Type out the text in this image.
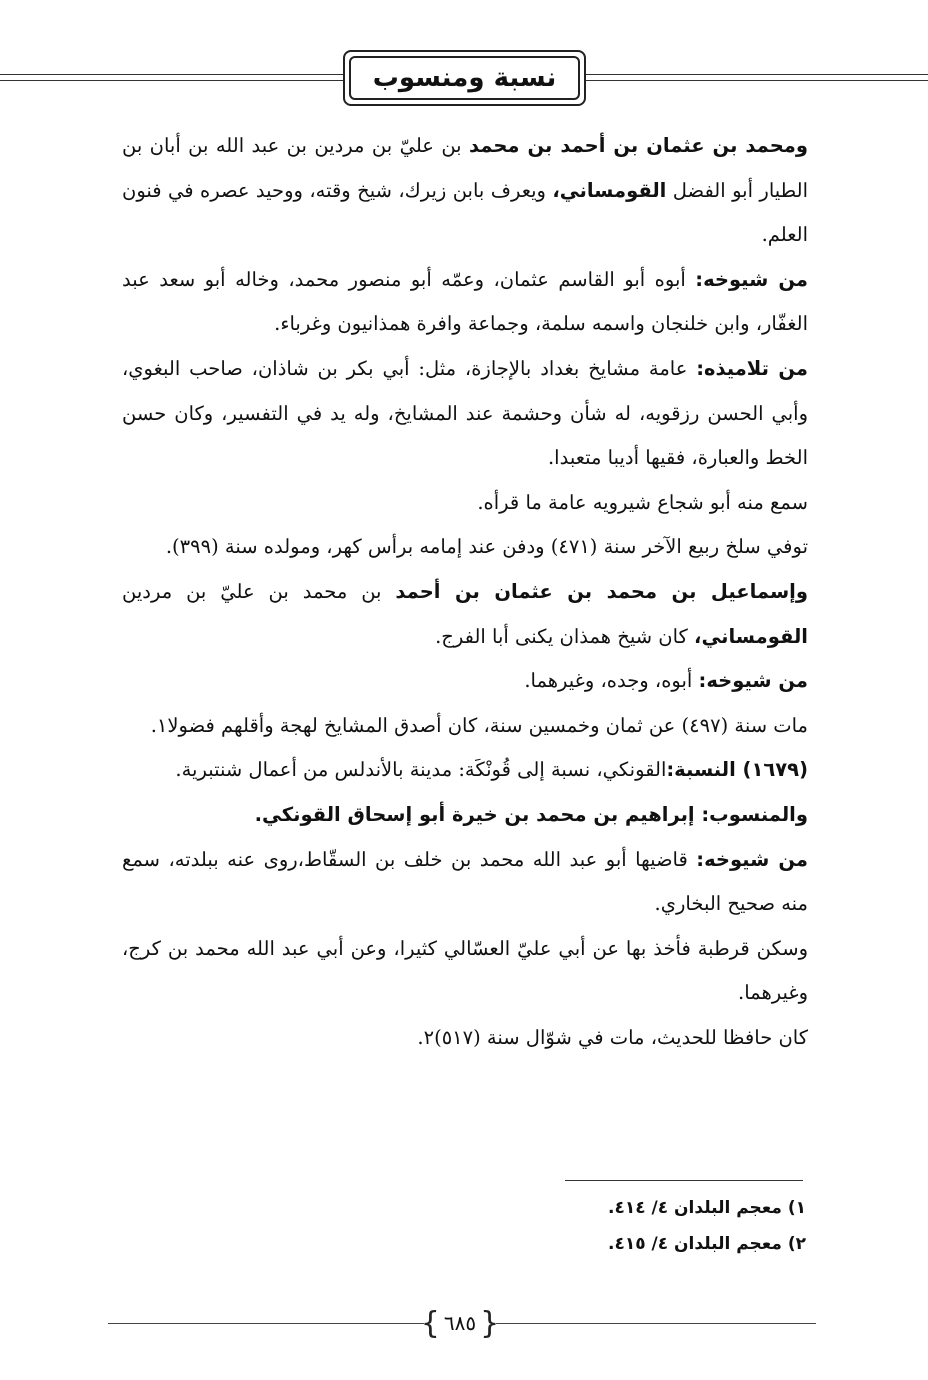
نسبة ومنسوب

ومحمد بن عثمان بن أحمد بن محمد بن عليّ بن مردين بن عبد الله بن أبان بن الطيار أبو الفضل القومساني، ويعرف بابن زيرك، شيخ وقته، ووحيد عصره في فنون العلم.

من شيوخه: أبوه أبو القاسم عثمان، وعمّه أبو منصور محمد، وخاله أبو سعد عبد الغفّار، وابن خلنجان واسمه سلمة، وجماعة وافرة همذانيون وغرباء.

من تلاميذه: عامة مشايخ بغداد بالإجازة، مثل: أبي بكر بن شاذان، صاحب البغوي، وأبي الحسن رزقويه، له شأن وحشمة عند المشايخ، وله يد في التفسير، وكان حسن الخط والعبارة، فقيها أديبا متعبدا.

سمع منه أبو شجاع شيرويه عامة ما قرأه.

توفي سلخ ربيع الآخر سنة (٤٧١) ودفن عند إمامه برأس كهر، ومولده سنة (٣٩٩).

وإسماعيل بن محمد بن عثمان بن أحمد بن محمد بن عليّ بن مردين القومساني، كان شيخ همذان يكنى أبا الفرج.

من شيوخه: أبوه، وجده، وغيرهما.

مات سنة (٤٩٧) عن ثمان وخمسين سنة، كان أصدق المشايخ لهجة وأقلهم فضولا١.

(١٦٧٩) النسبة:القونكي، نسبة إلى قُونْكَة: مدينة بالأندلس من أعمال شنتبرية.

والمنسوب: إبراهيم بن محمد بن خيرة أبو إسحاق القونكي.

من شيوخه: قاضيها أبو عبد الله محمد بن خلف بن السقّاط،روى عنه ببلدته، سمع منه صحيح البخاري.

وسكن قرطبة فأخذ بها عن أبي عليّ العسّالي كثيرا، وعن أبي عبد الله محمد بن كرج، وغيرهما.

كان حافظا للحديث، مات في شوّال سنة (٥١٧)٢.

١) معجم البلدان ٤/ ٤١٤.

٢) معجم البلدان ٤/ ٤١٥.

{ ٦٨٥ }
